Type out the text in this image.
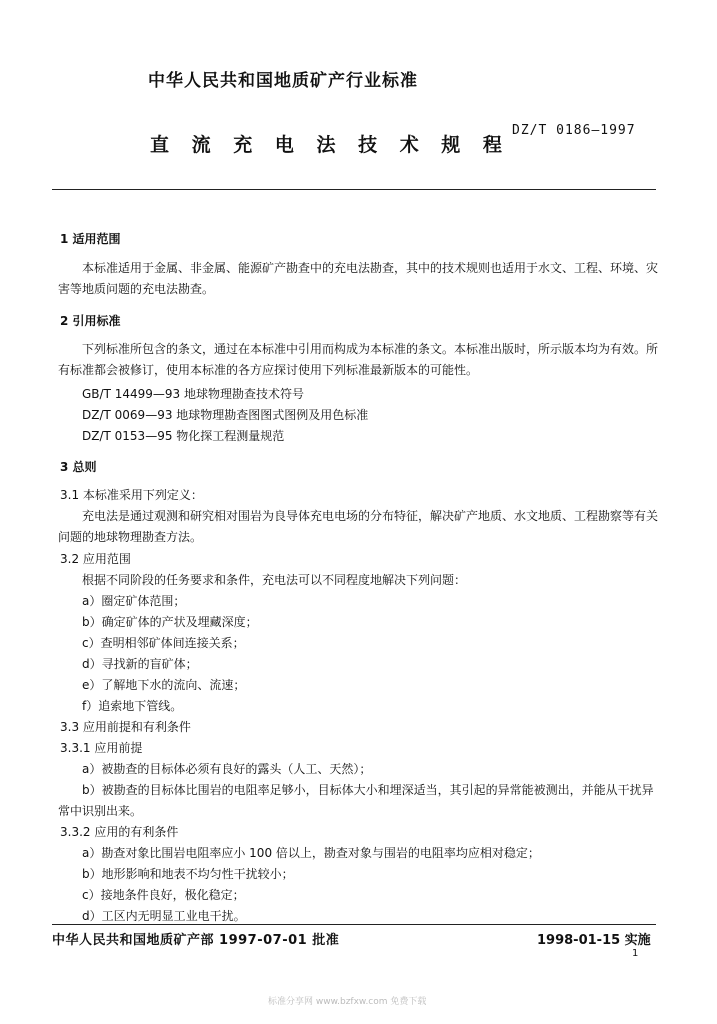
中华人民共和国地质矿产行业标准
直 流 充 电 法 技 术 规 程
DZ/T 0186—1997
1 适用范围
本标准适用于金属、非金属、能源矿产勘查中的充电法勘查，其中的技术规则也适用于水文、工程、环境、灾害等地质问题的充电法勘查。
2 引用标准
下列标准所包含的条文，通过在本标准中引用而构成为本标准的条文。本标准出版时，所示版本均为有效。所有标准都会被修订，使用本标准的各方应探讨使用下列标准最新版本的可能性。
GB/T 14499—93 地球物理勘查技术符号
DZ/T 0069—93 地球物理勘查图图式图例及用色标准
DZ/T 0153—95 物化探工程测量规范
3 总则
3.1 本标准采用下列定义：
充电法是通过观测和研究相对围岩为良导体充电电场的分布特征，解决矿产地质、水文地质、工程勘察等有关问题的地球物理勘查方法。
3.2 应用范围
根据不同阶段的任务要求和条件，充电法可以不同程度地解决下列问题：
a）圈定矿体范围；
b）确定矿体的产状及埋藏深度；
c）查明相邻矿体间连接关系；
d）寻找新的盲矿体；
e）了解地下水的流向、流速；
f）追索地下管线。
3.3 应用前提和有利条件
3.3.1 应用前提
a）被勘查的目标体必须有良好的露头（人工、天然）；
b）被勘查的目标体比围岩的电阻率足够小，目标体大小和埋深适当，其引起的异常能被测出，并能从干扰异常中识别出来。
3.3.2 应用的有利条件
a）勘查对象比围岩电阻率应小 100 倍以上，勘查对象与围岩的电阻率均应相对稳定；
b）地形影响和地表不均匀性干扰较小；
c）接地条件良好，极化稳定；
d）工区内无明显工业电干扰。
中华人民共和国地质矿产部 1997-07-01 批准	1998-01-15 实施
1
标准分享网 www.bzfxw.com 免费下载
